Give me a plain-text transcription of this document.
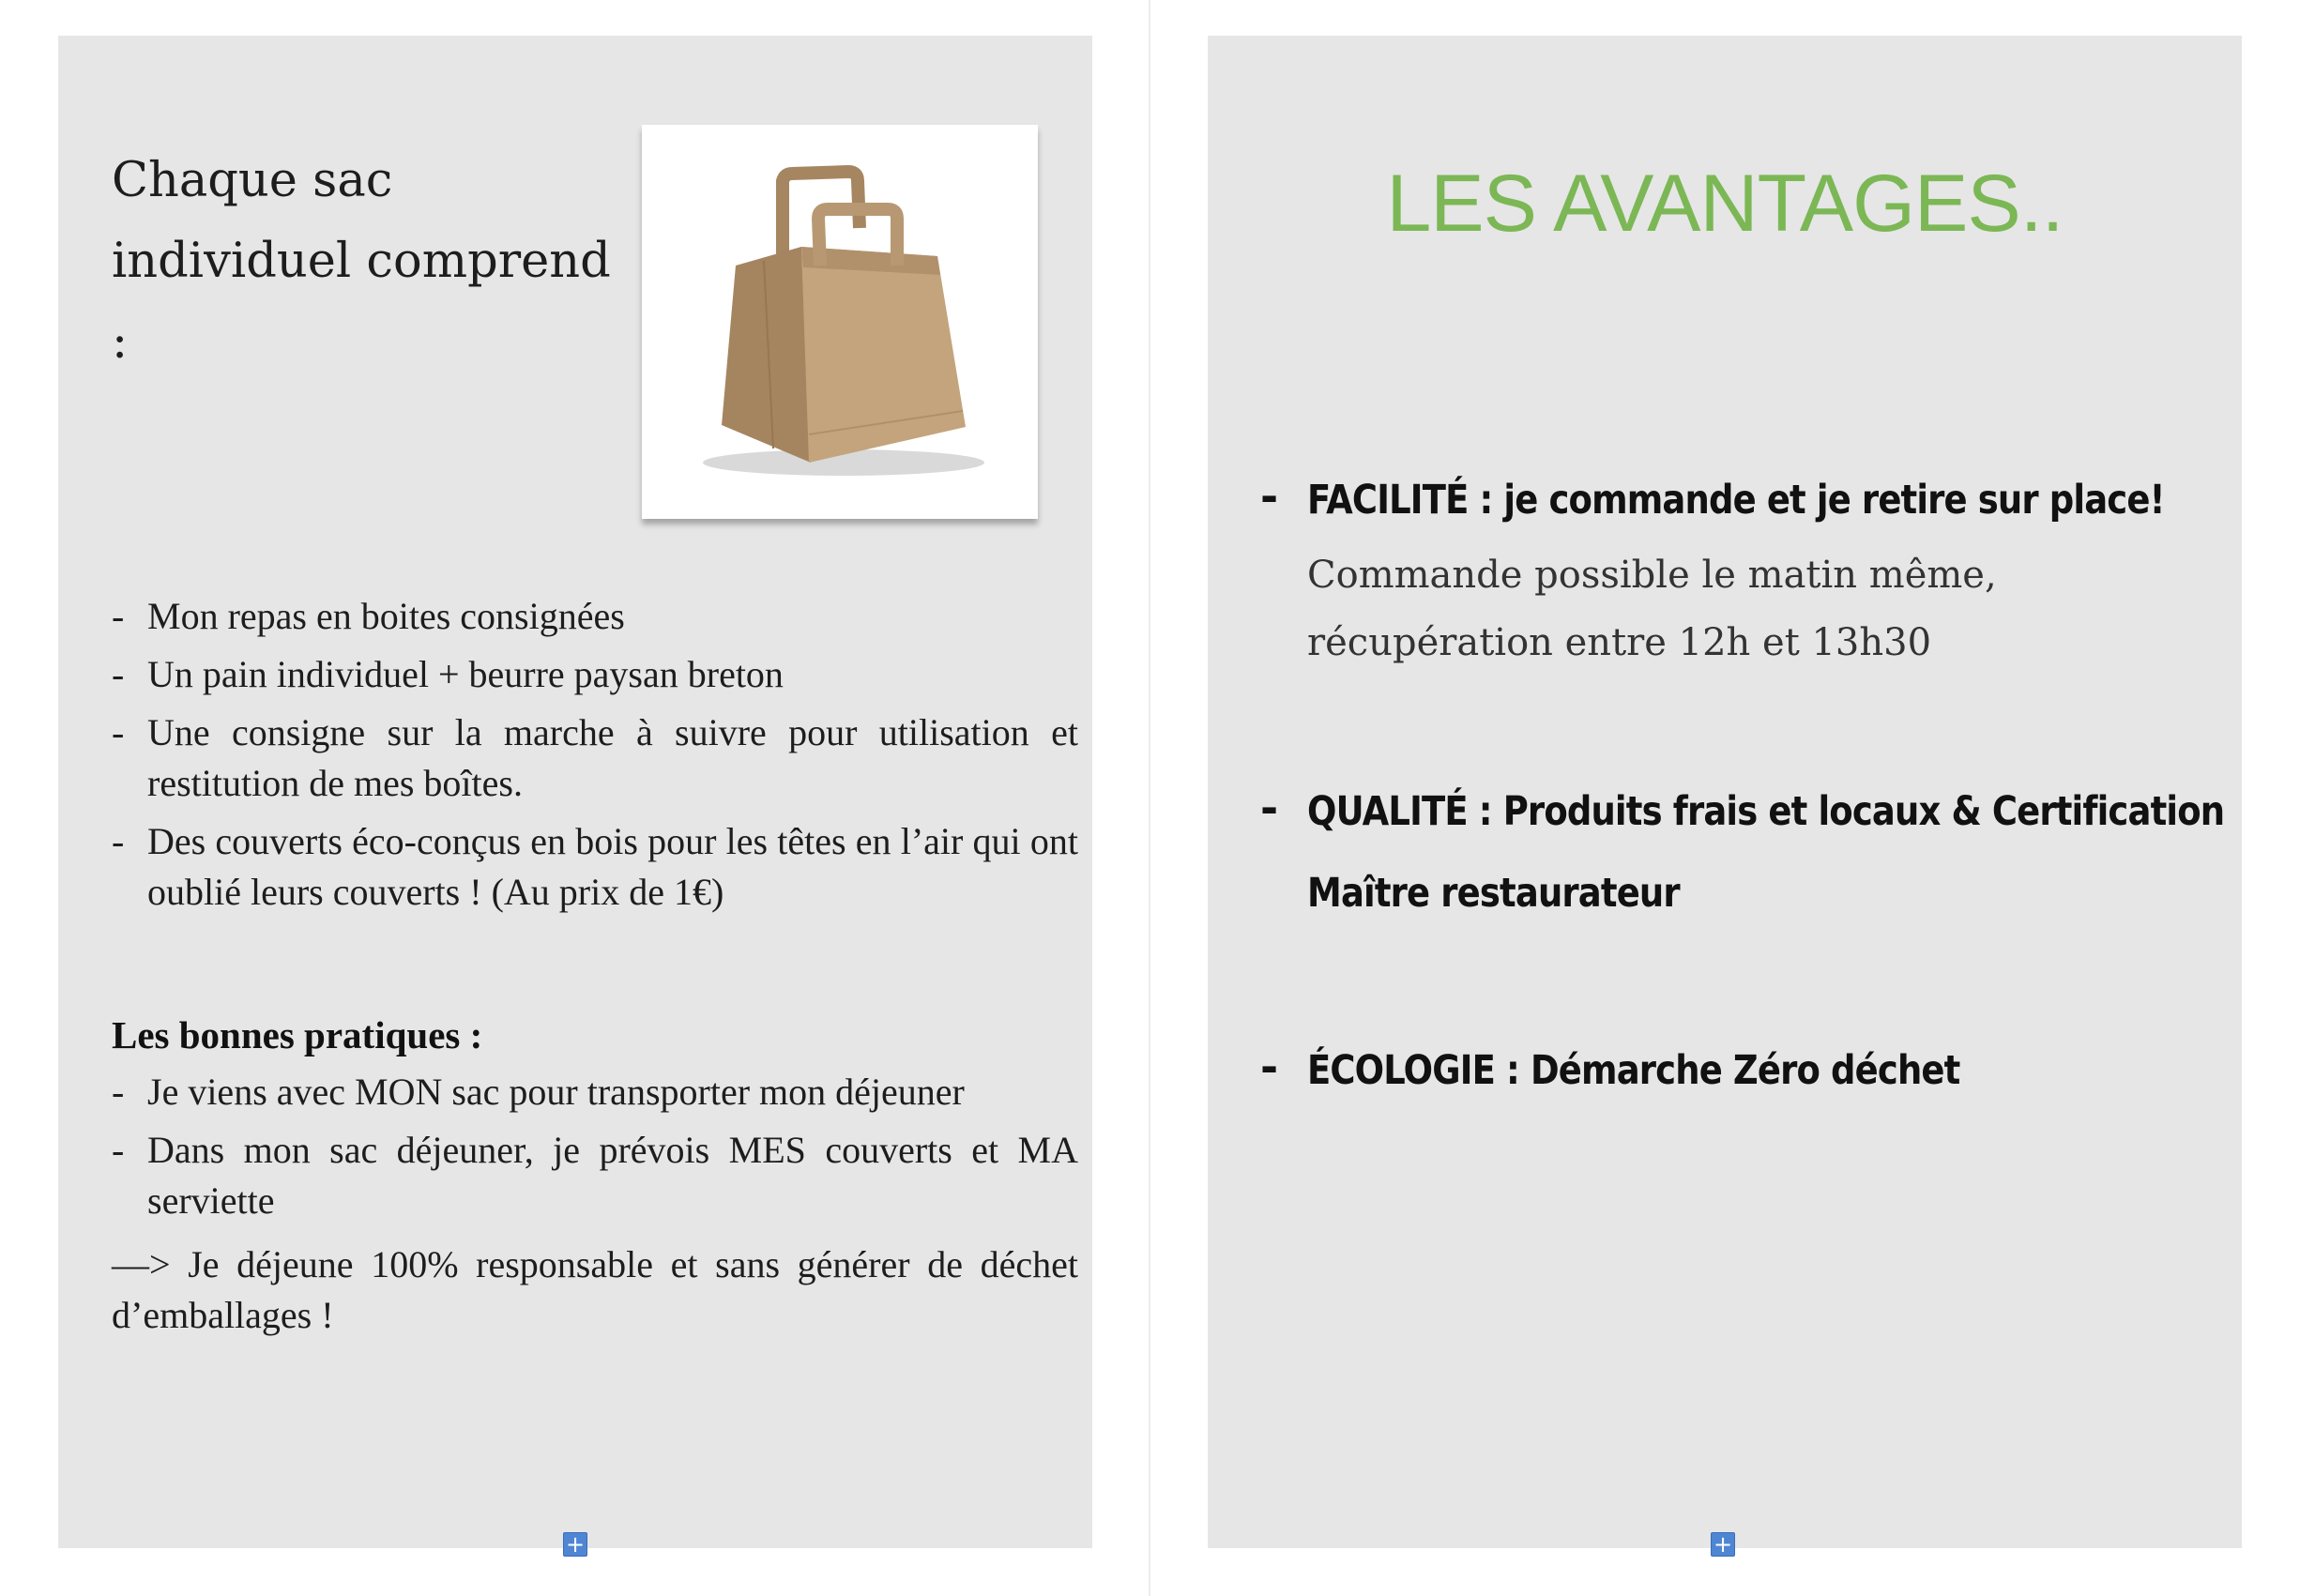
Chaque sac individuel comprend :
- Mon repas en boites consignées
- Un pain individuel + beurre paysan breton
- Une consigne sur la marche à suivre pour utilisation et restitution de mes boîtes.
- Des couverts éco-conçus en bois pour les têtes en l’air qui ont oublié leurs couverts ! (Au prix de 1€)
Les bonnes pratiques :
- Je viens avec MON sac pour transporter mon déjeuner
- Dans mon sac déjeuner, je prévois MES couverts et MA serviette
—> Je déjeune 100% responsable et sans générer de déchet d’emballages !
LES AVANTAGES..
- FACILITÉ : je commande et je retire sur place!
Commande possible le matin même,
récupération entre 12h et 13h30
- QUALITÉ : Produits frais et locaux & Certification Maître restaurateur
- ÉCOLOGIE : Démarche Zéro déchet
+	+
